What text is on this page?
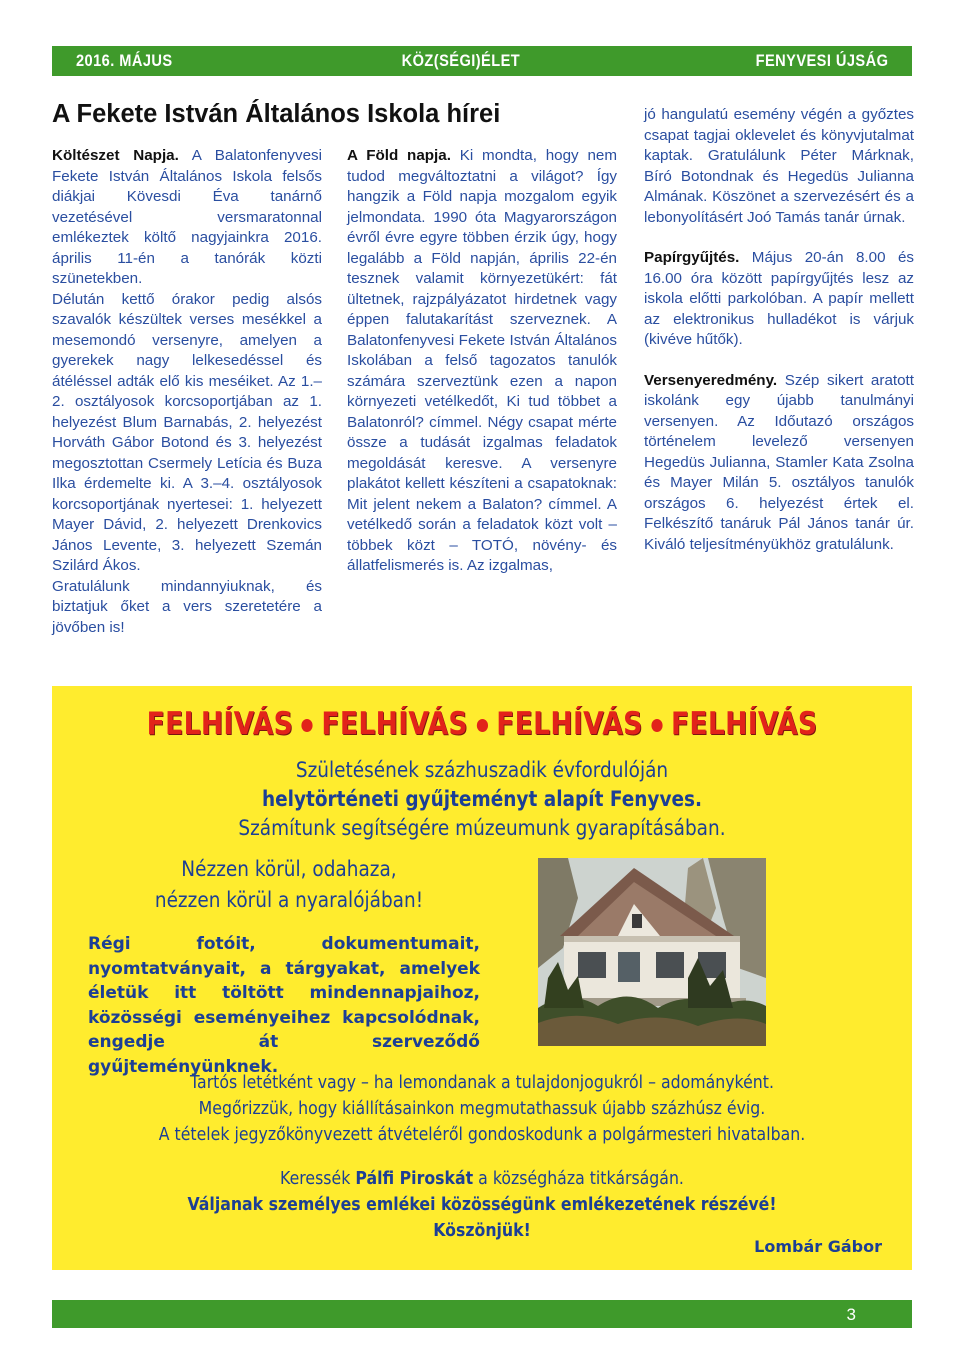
2016. MÁJUS	KÖZ(SÉGI)ÉLET	FENYVESI ÚJSÁG
A Fekete István Általános Iskola hírei

Költészet Napja. A Balatonfenyvesi Fekete István Általános Iskola felsős diákjai Kövesdi Éva tanárnő vezetésével versmaratonnal emlékeztek költő nagyjainkra 2016. április 11-én a tanórák közti szünetekben.

Délután kettő órakor pedig alsós szavalók készültek verses mesékkel a mesemondó versenyre, amelyen a gyerekek nagy lelkesedéssel és átéléssel adták elő kis meséiket. Az 1.–2. osztályosok korcsoportjában az 1. helyezést Blum Barnabás, 2. helyezést Horváth Gábor Botond és 3. helyezést megosztottan Csermely Letícia és Buza Ilka érdemelte ki. A 3.–4. osztályosok korcsoportjának nyertesei: 1. helyezett Mayer Dávid, 2. helyezett Drenkovics János Levente, 3. helyezett Szemán Szilárd Ákos.

Gratulálunk mindannyiuknak, és biztatjuk őket a vers szeretetére a jövőben is!

A Föld napja. Ki mondta, hogy nem tudod megváltoztatni a világot? Így hangzik a Föld napja mozgalom egyik jelmondata. 1990 óta Magyarországon évről évre egyre többen érzik úgy, hogy legalább a Föld napján, április 22-én tesznek valamit környezetükért: fát ültetnek, rajzpályázatot hirdetnek vagy éppen falutakarítást szerveznek. A Balatonfenyvesi Fekete István Általános Iskolában a felső tagozatos tanulók számára szerveztünk ezen a napon környezeti vetélkedőt, Ki tud többet a Balatonról? címmel. Négy csapat mérte össze a tudását izgalmas feladatok megoldását keresve. A versenyre plakátot kellett készíteni a csapatoknak: Mit jelent nekem a Balaton? címmel. A vetélkedő során a feladatok közt volt – többek közt – TOTÓ, növény- és állatfelismerés is. Az izgalmas,

jó hangulatú esemény végén a győztes csapat tagjai oklevelet és könyvjutalmat kaptak. Gratulálunk Péter Márknak, Bíró Botondnak és Hegedüs Julianna Almának. Köszönet a szervezésért és a lebonyolításért Joó Tamás tanár úrnak.

Papírgyűjtés. Május 20-án 8.00 és 16.00 óra között papírgyűjtés lesz az iskola előtti parkolóban. A papír mellett az elektronikus hulladékot is várjuk (kivéve hűtők).

Versenyeredmény. Szép sikert aratott iskolánk egy újabb tanulmányi versenyen. Az Időutazó országos történelem levelező versenyen Hegedüs Julianna, Stamler Kata Zsolna és Mayer Milán 5. osztályos tanulók országos 6. helyezést értek el. Felkészítő tanáruk Pál János tanár úr. Kiváló teljesítményükhöz gratulálunk.

FELHÍVÁS FELHÍVÁS FELHÍVÁS FELHÍVÁS
Születésének százhuszadik évfordulóján
helytörténeti gyűjteményt alapít Fenyves.
Számítunk segítségére múzeumunk gyarapításában.
Nézzen körül, odahaza,
nézzen körül a nyaralójában!

Régi fotóit, dokumentumait, nyomtatványait, a tárgyakat, amelyek életük itt töltött mindennapjaihoz, közösségi eseményeihez kapcsolódnak, engedje át szerveződő gyűjteményünknek.

Tartós letétként vagy – ha lemondanak a tulajdonjogukról – adományként.
Megőrizzük, hogy kiállításainkon megmutathassuk újabb százhúsz évig.
A tételek jegyzőkönyvezett átvételéről gondoskodunk a polgármesteri hivatalban.
Keressék Pálfi Piroskát a községháza titkárságán.
Váljanak személyes emlékei közösségünk emlékezetének részévé!
Köszönjük!
Lombár Gábor
3
